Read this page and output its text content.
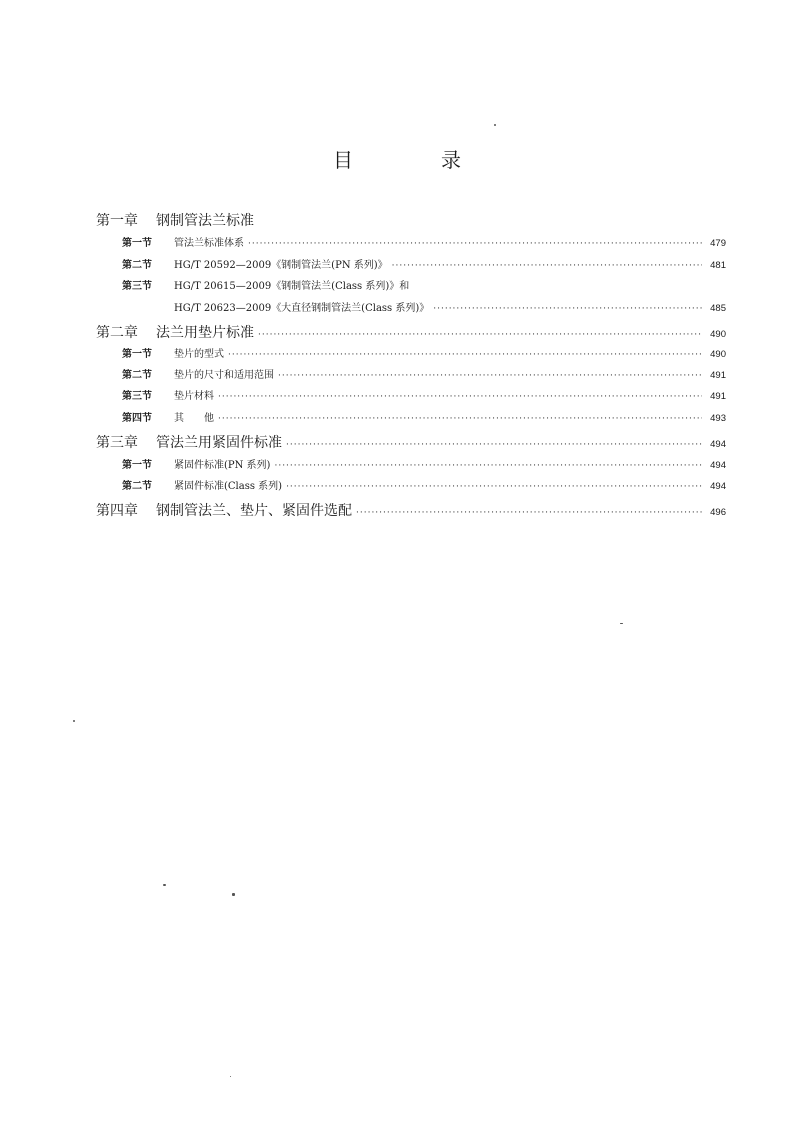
目　录
第一章	钢制管法兰标准
第一节	管法兰标准体系 ·····	479
第二节	HG/T 20592—2009《钢制管法兰(PN 系列)》 ·····	481
第三节	HG/T 20615—2009《钢制管法兰(Class 系列)》和
HG/T 20623—2009《大直径钢制管法兰(Class 系列)》 ·····	485
第二章	法兰用垫片标准 ·····	490
第一节	垫片的型式 ·····	490
第二节	垫片的尺寸和适用范围 ·····	491
第三节	垫片材料 ·····	491
第四节	其　　他 ·····	493
第三章	管法兰用紧固件标准 ·····	494
第一节	紧固件标准(PN 系列) ·····	494
第二节	紧固件标准(Class 系列) ·····	494
第四章	钢制管法兰、垫片、紧固件选配 ·····	496
